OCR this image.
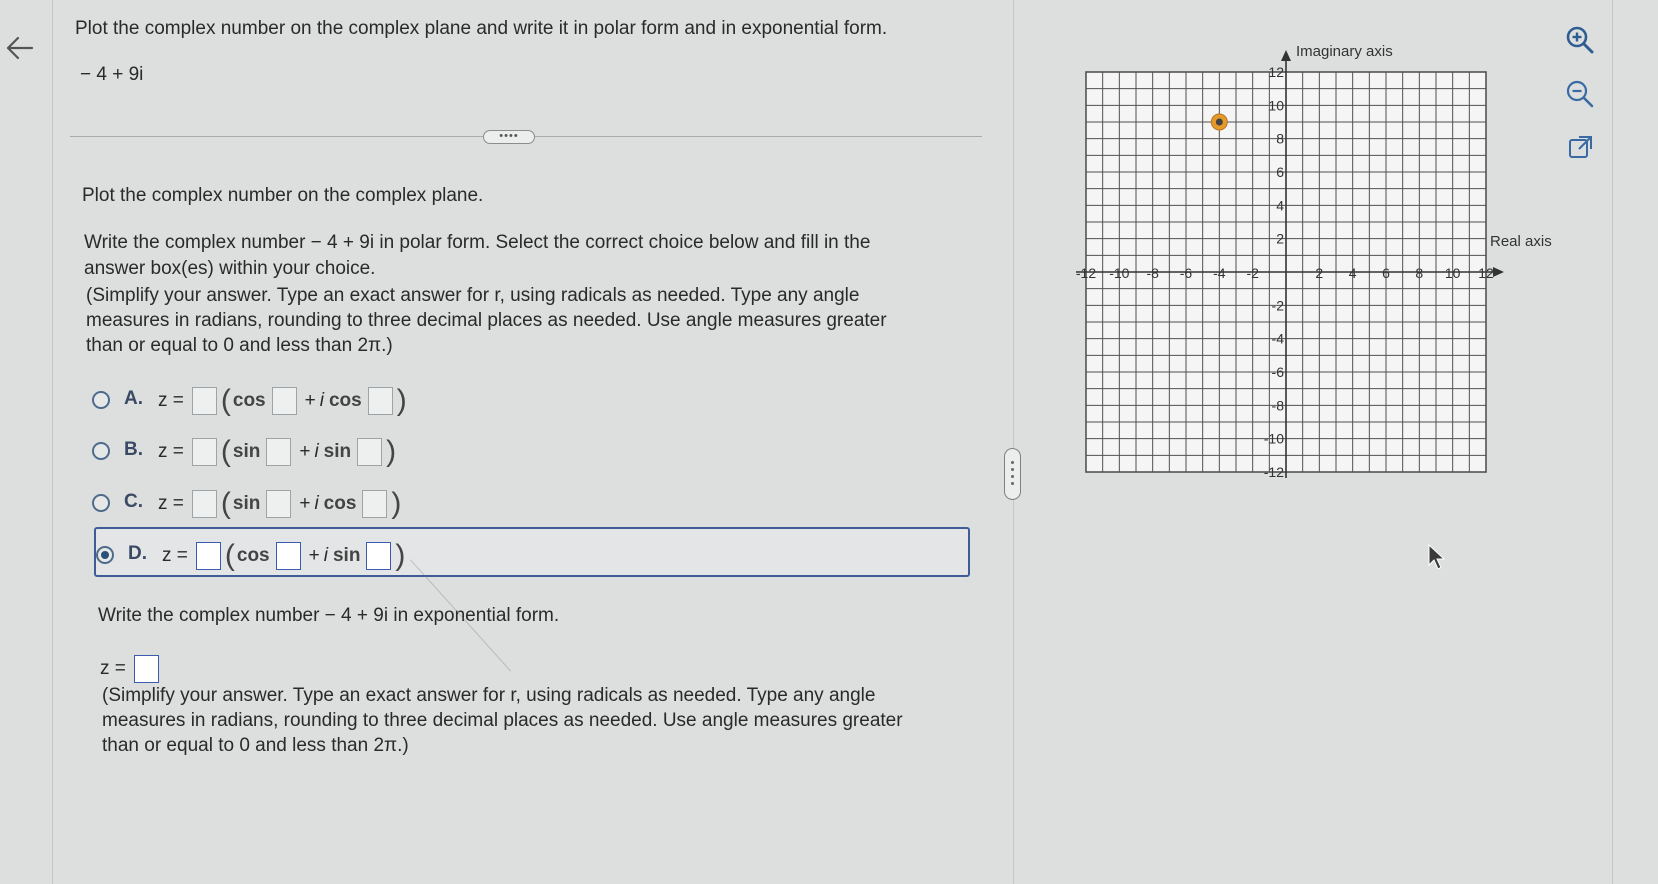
Plot the complex number on the complex plane and write it in polar form and in exponential form.
− 4 + 9i
••••
Plot the complex number on the complex plane.
Write the complex number − 4 + 9i in polar form. Select the correct choice below and fill in the
answer box(es) within your choice.
(Simplify your answer. Type an exact answer for r, using radicals as needed. Type any angle
measures in radians, rounding to three decimal places as needed. Use angle measures greater
than or equal to 0 and less than 2π.)
A. z = ( cos + i cos )
B. z = ( sin + i sin )
C. z = ( sin + i cos )
D. z = ( cos + i sin )
Write the complex number − 4 + 9i in exponential form.
z =
(Simplify your answer. Type an exact answer for r, using radicals as needed. Type any angle
measures in radians, rounding to three decimal places as needed. Use angle measures greater
than or equal to 0 and less than 2π.)
Imaginary axis
Real axis
-12 -10 -8 -6 -4 -2	2 4 6 8 10 12
12
10
8
6
4
2
-2
-4
-6
-8
-10
-12
